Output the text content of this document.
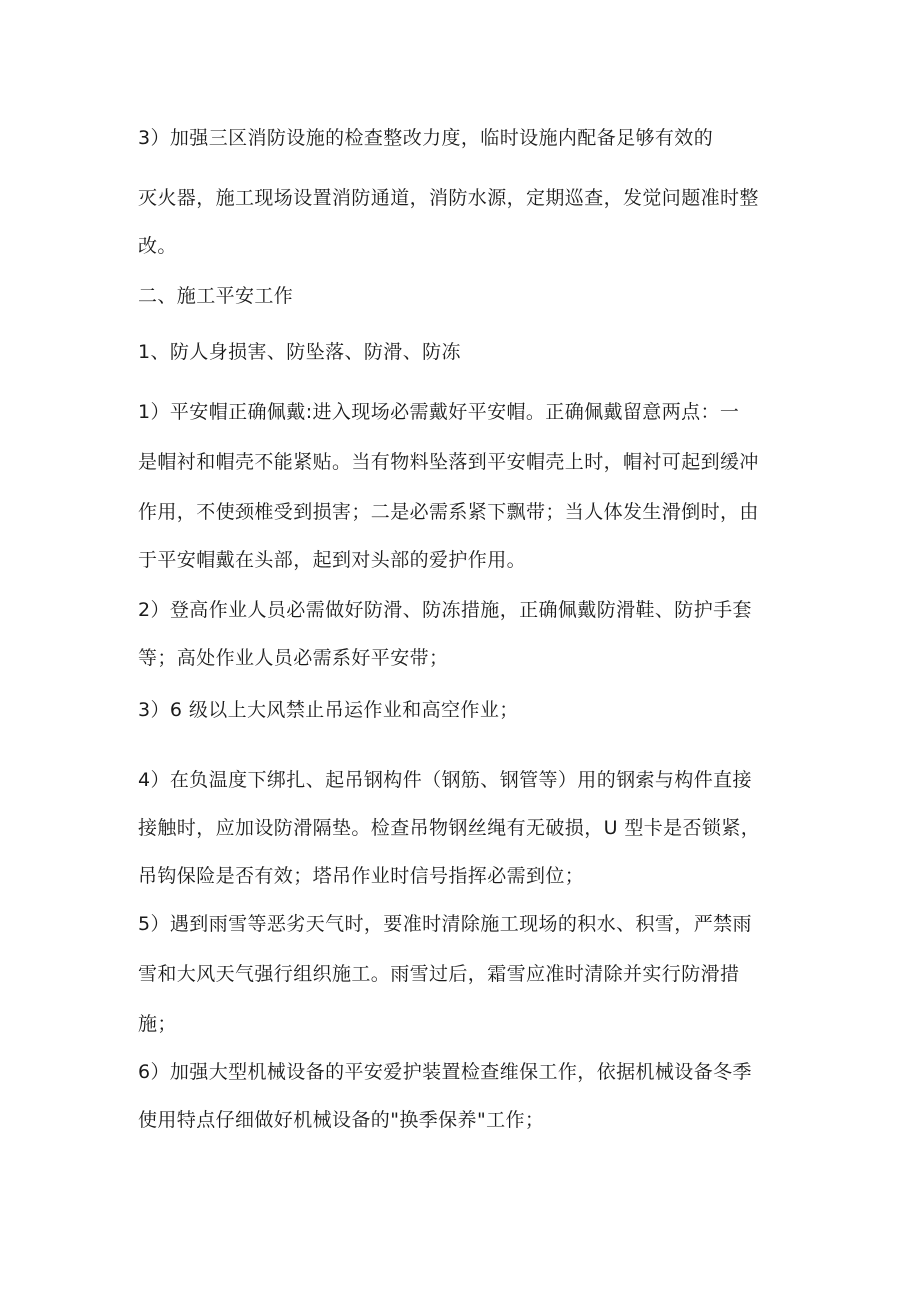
3）加强三区消防设施的检查整改力度，临时设施内配备足够有效的
灭火器，施工现场设置消防通道，消防水源，定期巡查，发觉问题准时整
改。
二、施工平安工作
1、防人身损害、防坠落、防滑、防冻
1）平安帽正确佩戴:进入现场必需戴好平安帽。正确佩戴留意两点：一
是帽衬和帽壳不能紧贴。当有物料坠落到平安帽壳上时，帽衬可起到缓冲
作用，不使颈椎受到损害；二是必需系紧下飘带；当人体发生滑倒时，由
于平安帽戴在头部，起到对头部的爱护作用。
2）登高作业人员必需做好防滑、防冻措施，正确佩戴防滑鞋、防护手套
等；高处作业人员必需系好平安带；
3）6 级以上大风禁止吊运作业和高空作业；
4）在负温度下绑扎、起吊钢构件（钢筋、钢管等）用的钢索与构件直接
接触时，应加设防滑隔垫。检查吊物钢丝绳有无破损，U 型卡是否锁紧，
吊钩保险是否有效；塔吊作业时信号指挥必需到位；
5）遇到雨雪等恶劣天气时，要准时清除施工现场的积水、积雪，严禁雨
雪和大风天气强行组织施工。雨雪过后，霜雪应准时清除并实行防滑措
施；
6）加强大型机械设备的平安爱护装置检查维保工作，依据机械设备冬季
使用特点仔细做好机械设备的"换季保养"工作；
